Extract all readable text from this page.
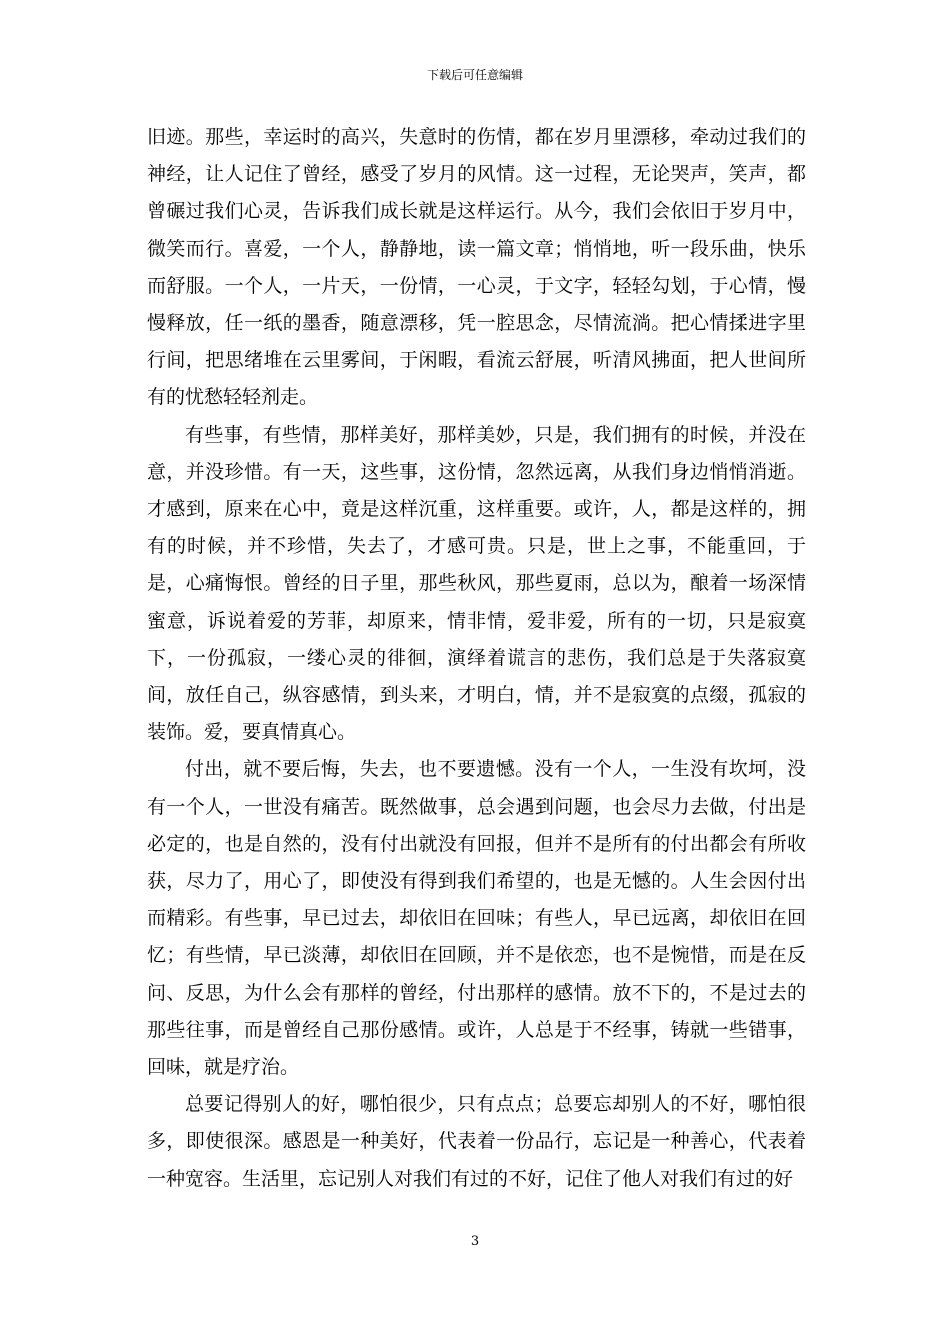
下载后可任意编辑

旧迹。那些，幸运时的高兴，失意时的伤情，都在岁月里漂移，牵动过我们的神经，让人记住了曾经，感受了岁月的风情。这一过程，无论哭声，笑声，都曾碾过我们心灵，告诉我们成长就是这样运行。从今，我们会依旧于岁月中，微笑而行。喜爱，一个人，静静地，读一篇文章；悄悄地，听一段乐曲，快乐而舒服。一个人，一片天，一份情，一心灵，于文字，轻轻勾划，于心情，慢慢释放，任一纸的墨香，随意漂移，凭一腔思念，尽情流淌。把心情揉进字里行间，把思绪堆在云里雾间，于闲暇，看流云舒展，听清风拂面，把人世间所有的忧愁轻轻剂走。

有些事，有些情，那样美好，那样美妙，只是，我们拥有的时候，并没在意，并没珍惜。有一天，这些事，这份情，忽然远离，从我们身边悄悄消逝。才感到，原来在心中，竟是这样沉重，这样重要。或许，人，都是这样的，拥有的时候，并不珍惜，失去了，才感可贵。只是，世上之事，不能重回，于是，心痛悔恨。曾经的日子里，那些秋风，那些夏雨，总以为，酿着一场深情蜜意，诉说着爱的芳菲，却原来，情非情，爱非爱，所有的一切，只是寂寞下，一份孤寂，一缕心灵的徘徊，演绎着谎言的悲伤，我们总是于失落寂寞间，放任自己，纵容感情，到头来，才明白，情，并不是寂寞的点缀，孤寂的装饰。爱，要真情真心。

付出，就不要后悔，失去，也不要遗憾。没有一个人，一生没有坎坷，没有一个人，一世没有痛苦。既然做事，总会遇到问题，也会尽力去做，付出是必定的，也是自然的，没有付出就没有回报，但并不是所有的付出都会有所收获，尽力了，用心了，即使没有得到我们希望的，也是无憾的。人生会因付出而精彩。有些事，早已过去，却依旧在回味；有些人，早已远离，却依旧在回忆；有些情，早已淡薄，却依旧在回顾，并不是依恋，也不是惋惜，而是在反问、反思，为什么会有那样的曾经，付出那样的感情。放不下的，不是过去的那些往事，而是曾经自己那份感情。或许，人总是于不经事，铸就一些错事，回味，就是疗治。

总要记得别人的好，哪怕很少，只有点点；总要忘却别人的不好，哪怕很多，即使很深。感恩是一种美好，代表着一份品行，忘记是一种善心，代表着一种宽容。生活里，忘记别人对我们有过的不好，记住了他人对我们有过的好

3
